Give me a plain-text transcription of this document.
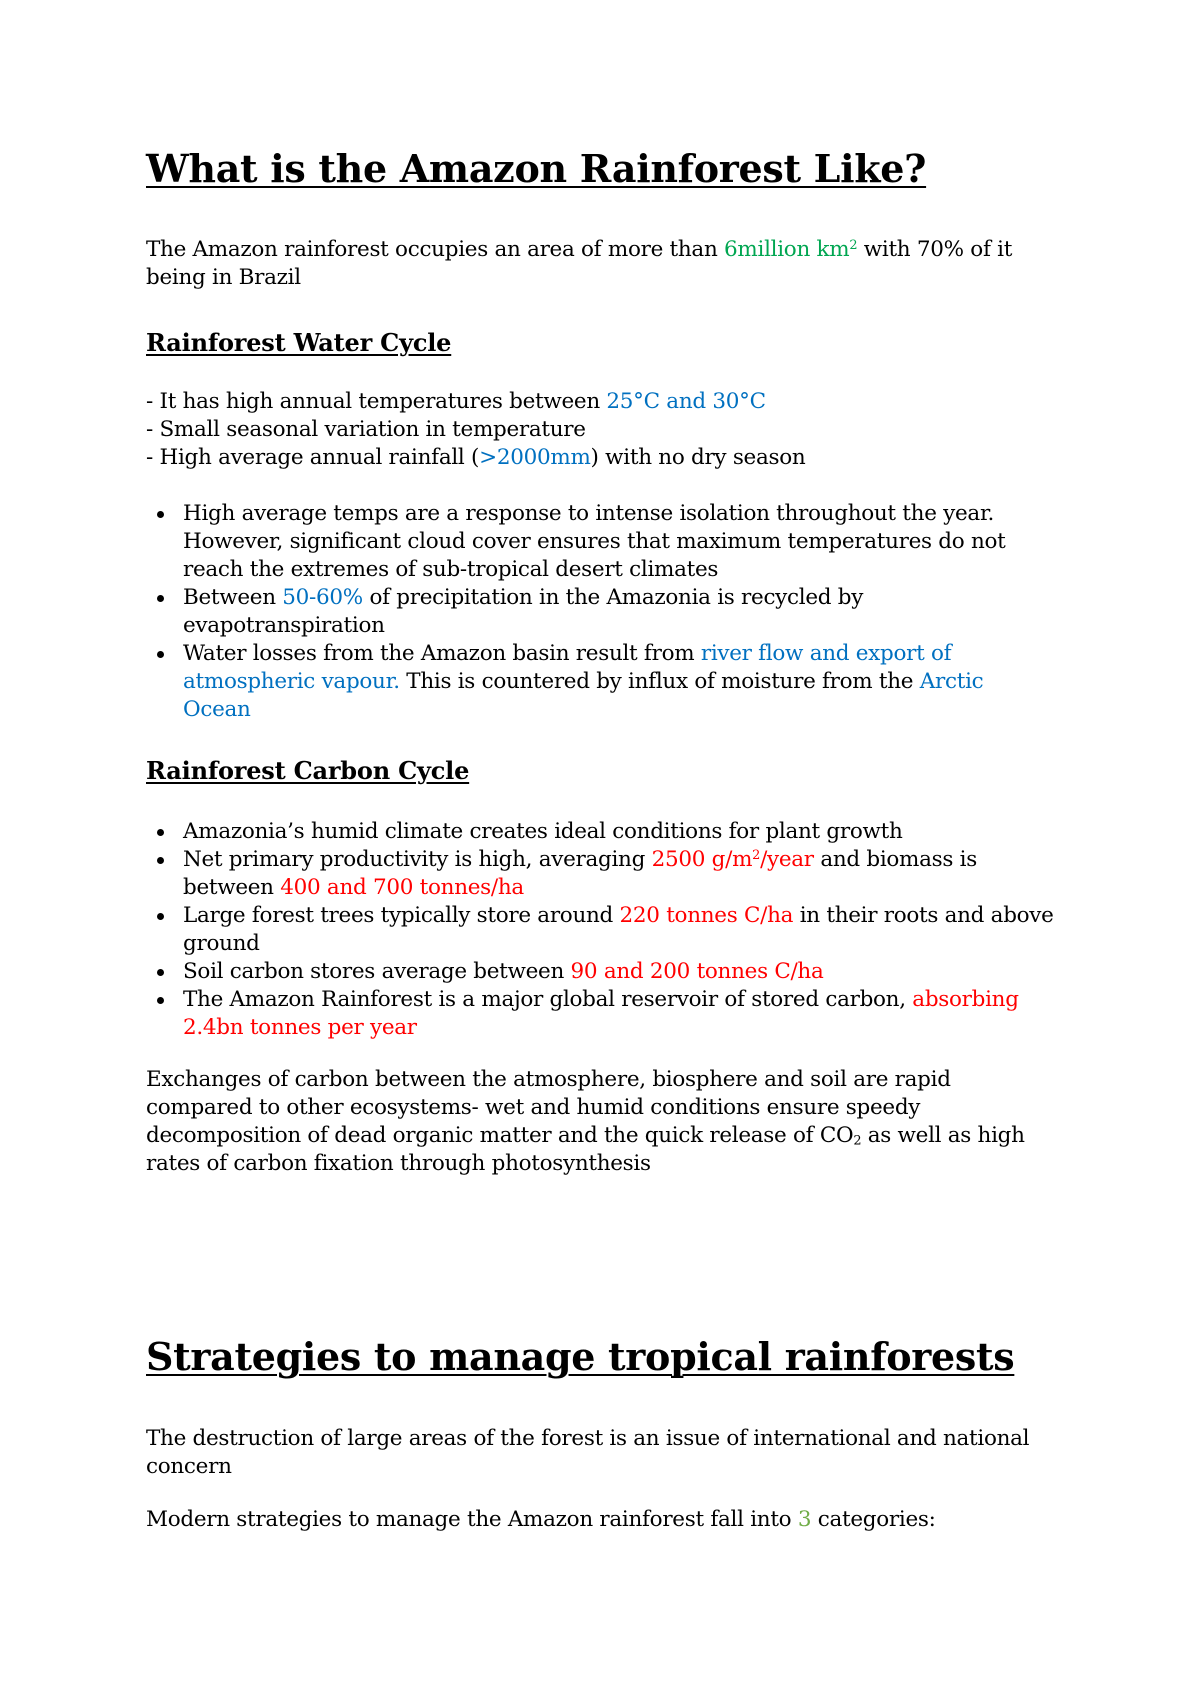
What is the Amazon Rainforest Like?
The Amazon rainforest occupies an area of more than 6million $km^2$ with 70% of it
being in Brazil
Rainforest Water Cycle
- It has high annual temperatures between 25°C and 30°C
- Small seasonal variation in temperature
- High average annual rainfall (>2000mm) with no dry season
High average temps are a response to intense isolation throughout the year.
However, significant cloud cover ensures that maximum temperatures do not
reach the extremes of sub-tropical desert climates
Between 50-60% of precipitation in the Amazonia is recycled by
evapotranspiration
Water losses from the Amazon basin result from river flow and export of
atmospheric vapour. This is countered by influx of moisture from the Arctic
Ocean
Rainforest Carbon Cycle
Amazonia’s humid climate creates ideal conditions for plant growth
Net primary productivity is high, averaging 2500 $g/m^2$/year and biomass is
between 400 and 700 tonnes/ha
Large forest trees typically store around 220 tonnes C/ha in their roots and above
ground
Soil carbon stores average between 90 and 200 tonnes C/ha
The Amazon Rainforest is a major global reservoir of stored carbon, absorbing
2.4bn tonnes per year
Exchanges of carbon between the atmosphere, biosphere and soil are rapid
compared to other ecosystems- wet and humid conditions ensure speedy
decomposition of dead organic matter and the quick release of $CO_2$ as well as high
rates of carbon fixation through photosynthesis
Strategies to manage tropical rainforests
The destruction of large areas of the forest is an issue of international and national
concern
Modern strategies to manage the Amazon rainforest fall into 3 categories:
